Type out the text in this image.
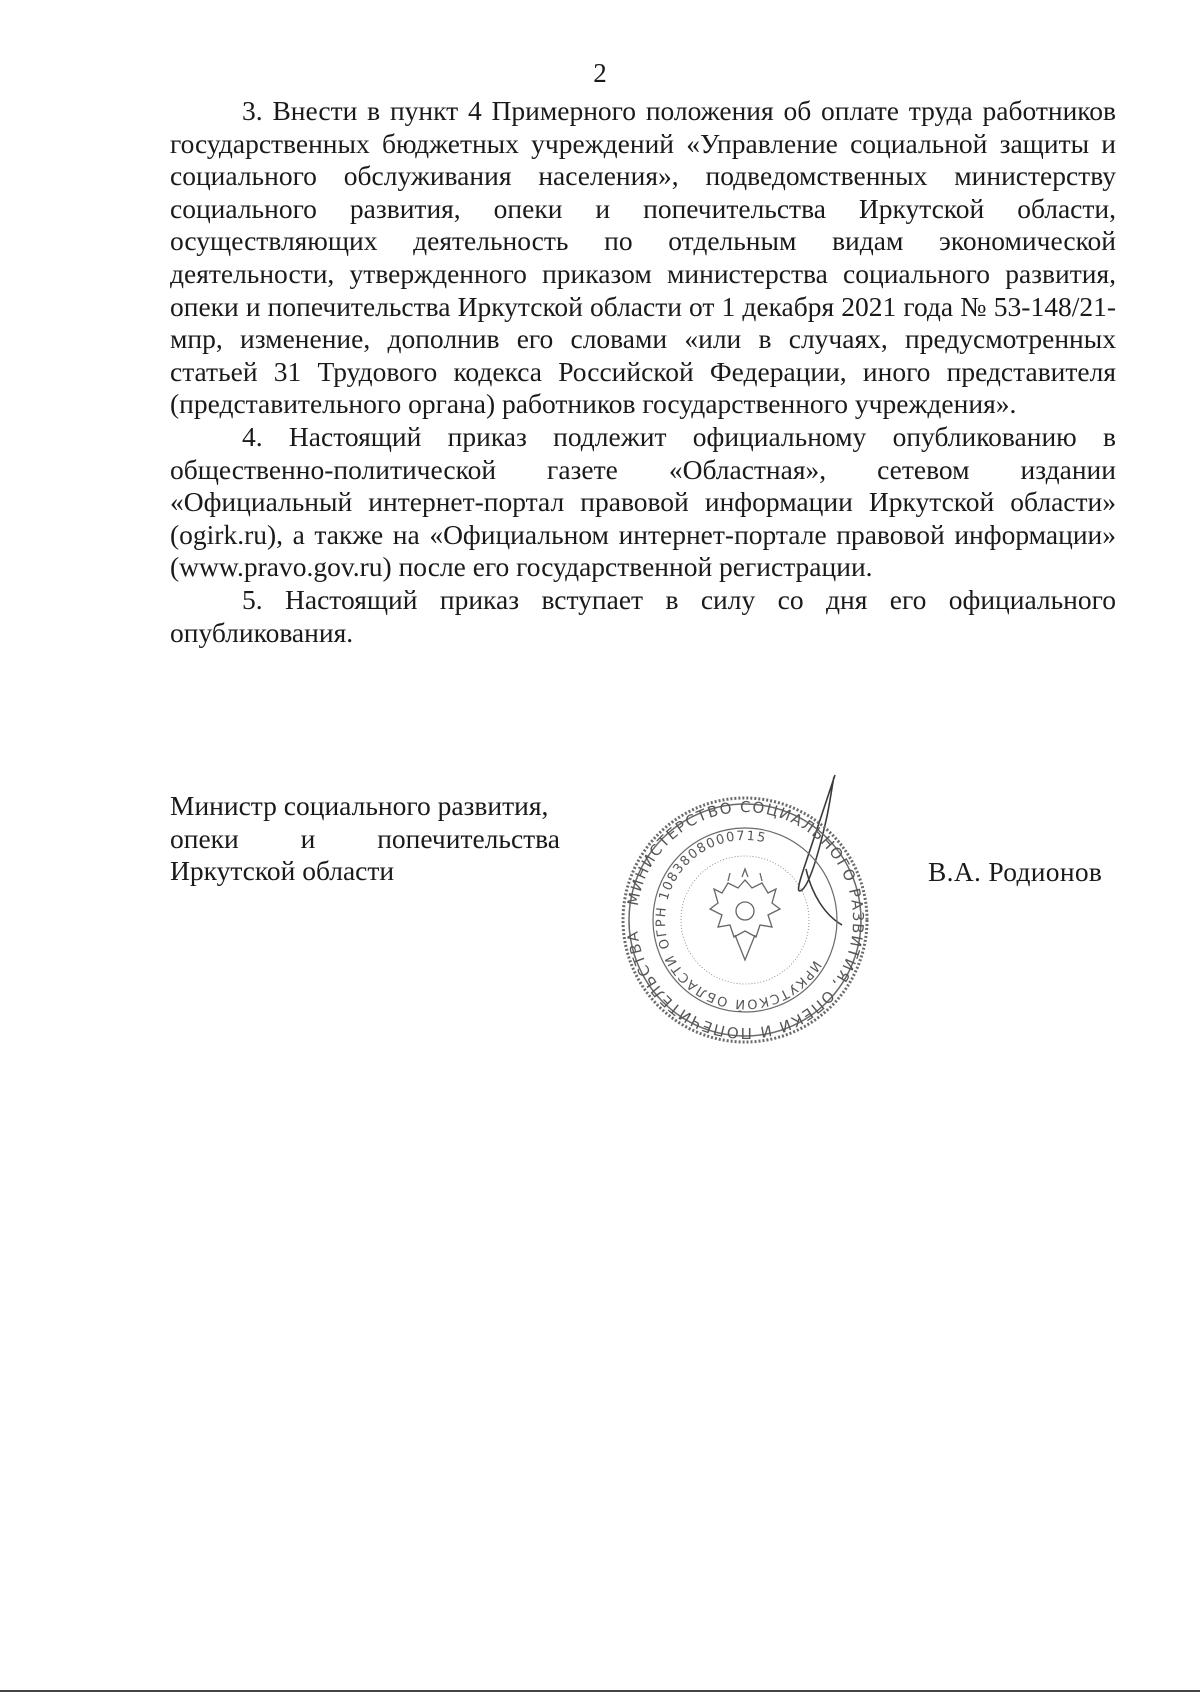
2

3. Внести в пункт 4 Примерного положения об оплате труда работников государственных бюджетных учреждений «Управление социальной защиты и социального обслуживания населения», подведомственных министерству социального развития, опеки и попечительства Иркутской области, осуществляющих деятельность по отдельным видам экономической деятельности, утвержденного приказом министерства социального развития, опеки и попечительства Иркутской области от 1 декабря 2021 года № 53-148/21-мпр, изменение, дополнив его словами «или в случаях, предусмотренных статьей 31 Трудового кодекса Российской Федерации, иного представителя (представительного органа) работников государственного учреждения».

4. Настоящий приказ подлежит официальному опубликованию в общественно-политической газете «Областная», сетевом издании «Официальный интернет-портал правовой информации Иркутской области» (ogirk.ru), а также на «Официальном интернет-портале правовой информации» (www.pravo.gov.ru) после его государственной регистрации.

5. Настоящий приказ вступает в силу со дня его официального опубликования.

Министр социального развития,
опеки и попечительства
Иркутской области
МИНИСТЕРСТВО СОЦИАЛЬНОГО РАЗВИТИЯ, ОПЕКИ И ПОПЕЧИТЕЛЬСТВА
ИРКУТСКОЙ ОБЛАСТИ ОГРН 1083808000715
В.А. Родионов
